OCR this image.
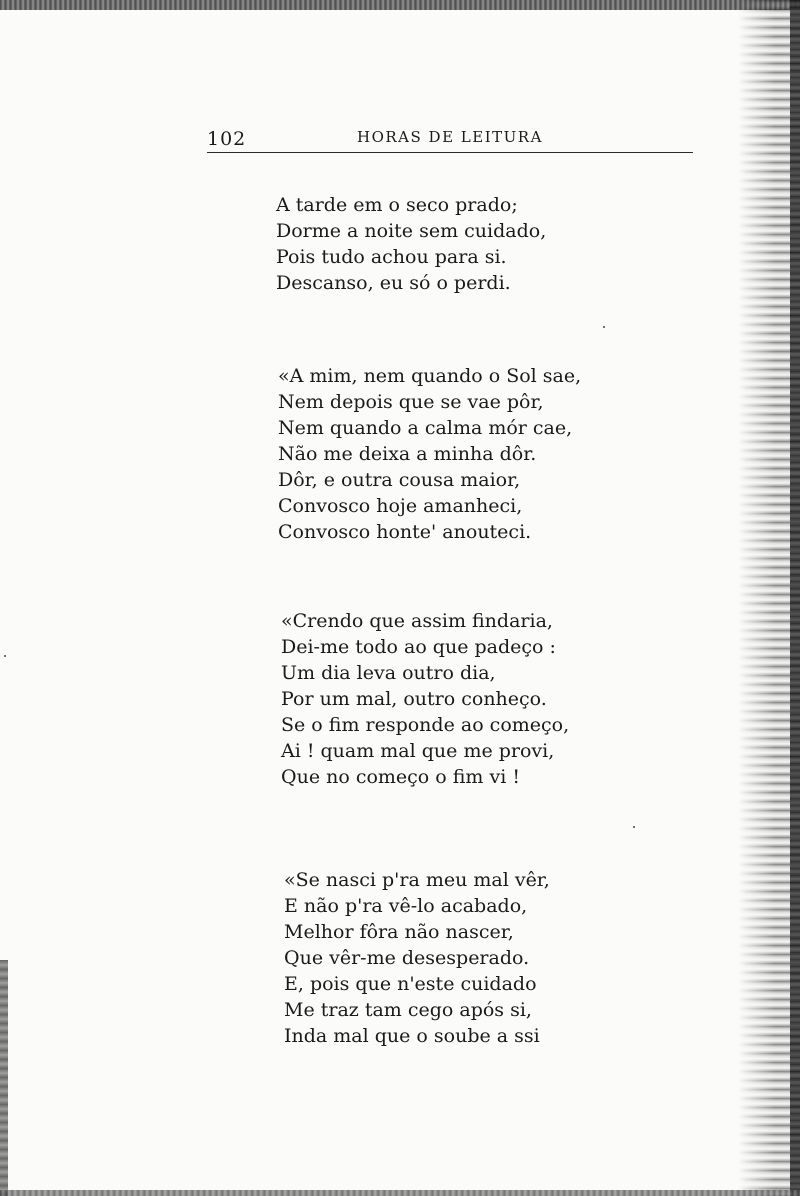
102	HORAS DE LEITURA
A tarde em o seco prado;
Dorme a noite sem cuidado,
Pois tudo achou para si.
Descanso, eu só o perdi.
«A mim, nem quando o Sol sae,
Nem depois que se vae pôr,
Nem quando a calma mór cae,
Não me deixa a minha dôr.
Dôr, e outra cousa maior,
Convosco hoje amanheci,
Convosco honte' anouteci.
«Crendo que assim findaria,
Dei-me todo ao que padeço :
Um dia leva outro dia,
Por um mal, outro conheço.
Se o fim responde ao começo,
Ai ! quam mal que me provi,
Que no começo o fim vi !
«Se nasci p'ra meu mal vêr,
E não p'ra vê-lo acabado,
Melhor fôra não nascer,
Que vêr-me desesperado.
E, pois que n'este cuidado
Me traz tam cego após si,
Inda mal que o soube a ssi
